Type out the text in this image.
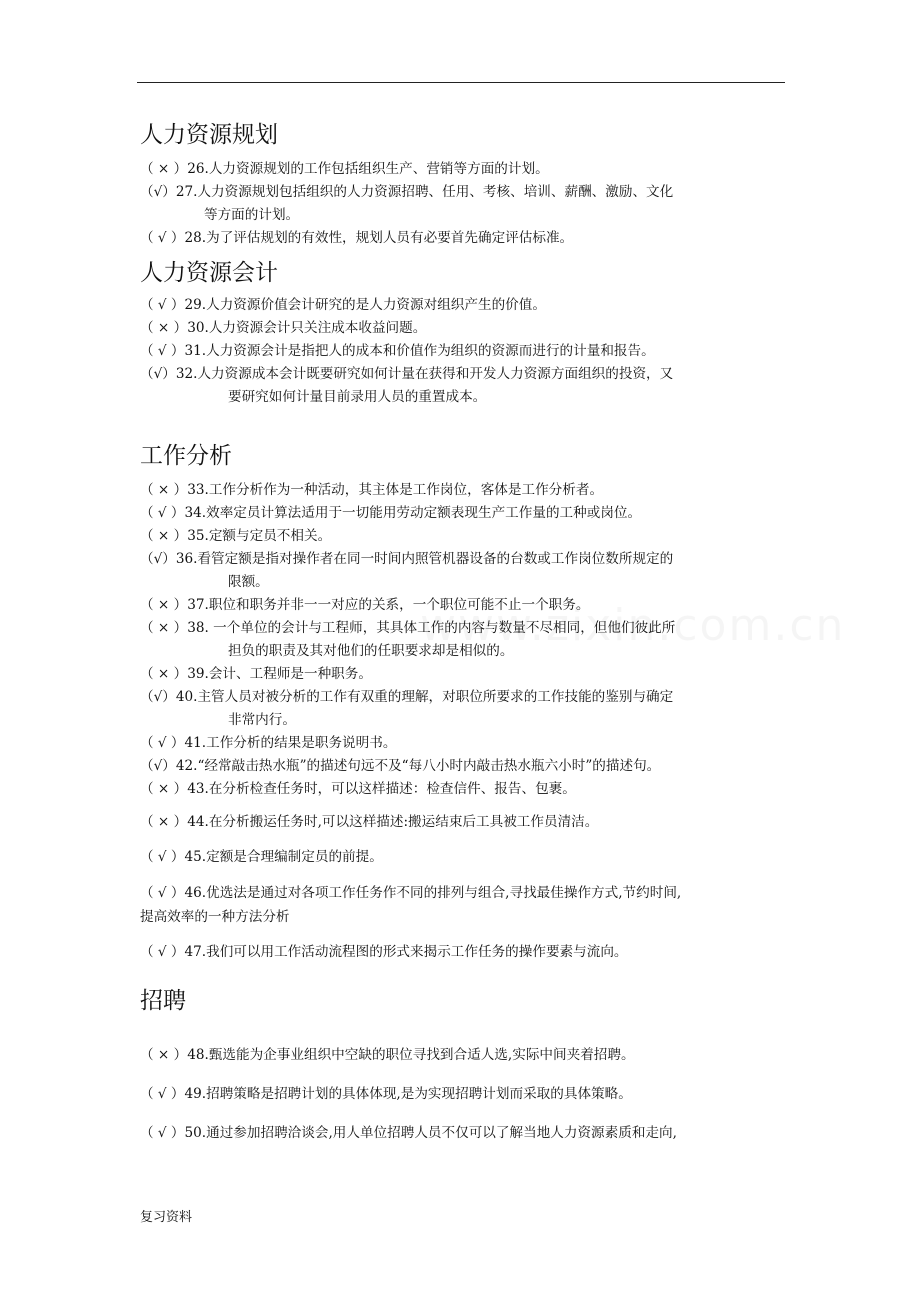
人力资源规划
（ × ）26.人力资源规划的工作包括组织生产、营销等方面的计划。
（√）27.人力资源规划包括组织的人力资源招聘、任用、考核、培训、薪酬、激励、文化
等方面的计划。
（ √ ）28.为了评估规划的有效性，规划人员有必要首先确定评估标准。
人力资源会计
（ √ ）29.人力资源价值会计研究的是人力资源对组织产生的价值。
（ × ）30.人力资源会计只关注成本收益问题。
（ √ ）31.人力资源会计是指把人的成本和价值作为组织的资源而进行的计量和报告。
（√）32.人力资源成本会计既要研究如何计量在获得和开发人力资源方面组织的投资，又
要研究如何计量目前录用人员的重置成本。
工作分析
（ × ）33.工作分析作为一种活动，其主体是工作岗位，客体是工作分析者。
（ √ ）34.效率定员计算法适用于一切能用劳动定额表现生产工作量的工种或岗位。
（ × ）35.定额与定员不相关。
（√）36.看管定额是指对操作者在同一时间内照管机器设备的台数或工作岗位数所规定的
限额。
（ × ）37.职位和职务并非一一对应的关系，一个职位可能不止一个职务。
（ × ）38. 一个单位的会计与工程师，其具体工作的内容与数量不尽相同，但他们彼此所
担负的职责及其对他们的任职要求却是相似的。
（ × ）39.会计、工程师是一种职务。
（√）40.主管人员对被分析的工作有双重的理解，对职位所要求的工作技能的鉴别与确定
非常内行。
（ √ ）41.工作分析的结果是职务说明书。
（√）42.“经常敲击热水瓶”的描述句远不及“每八小时内敲击热水瓶六小时”的描述句。
（ × ）43.在分析检查任务时，可以这样描述：检查信件、报告、包裹。
（ × ）44.在分析搬运任务时,可以这样描述:搬运结束后工具被工作员清洁。
（ √ ）45.定额是合理编制定员的前提。
（ √ ）46.优选法是通过对各项工作任务作不同的排列与组合,寻找最佳操作方式,节约时间,
提高效率的一种方法分析
（ √ ）47.我们可以用工作活动流程图的形式来揭示工作任务的操作要素与流向。
招聘
（ × ）48.甄选能为企事业组织中空缺的职位寻找到合适人选,实际中间夹着招聘。
（ √ ）49.招聘策略是招聘计划的具体体现,是为实现招聘计划而采取的具体策略。
（ √ ）50.通过参加招聘洽谈会,用人单位招聘人员不仅可以了解当地人力资源素质和走向,
复习资料
